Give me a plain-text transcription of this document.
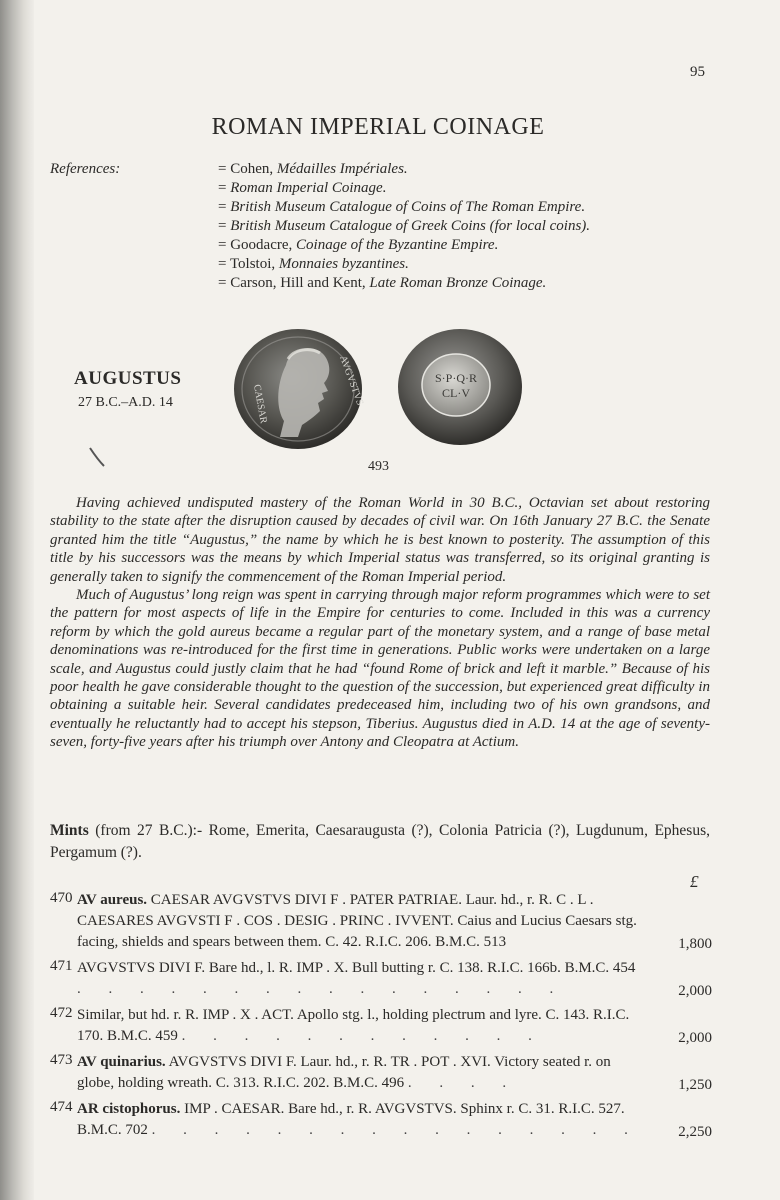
95
ROMAN IMPERIAL COINAGE
References:	= Cohen, Médailles Impériales.
= Roman Imperial Coinage.
= British Museum Catalogue of Coins of The Roman Empire.
= British Museum Catalogue of Greek Coins (for local coins).
= Goodacre, Coinage of the Byzantine Empire.
= Tolstoi, Monnaies byzantines.
= Carson, Hill and Kent, Late Roman Bronze Coinage.
AUGUSTUS
27 B.C.–A.D. 14	CAESAR	AVGVSTVS	S·P·Q·R
CL·V
493

Having achieved undisputed mastery of the Roman World in 30 B.C., Octavian set about restoring stability to the state after the disruption caused by decades of civil war. On 16th January 27 B.C. the Senate granted him the title “Augustus,” the name by which he is best known to posterity. The assumption of this title by his successors was the means by which Imperial status was transferred, so its original granting is generally taken to signify the commencement of the Roman Imperial period.

Much of Augustus’ long reign was spent in carrying through major reform programmes which were to set the pattern for most aspects of life in the Empire for centuries to come. Included in this was a currency reform by which the gold aureus became a regular part of the monetary system, and a range of base metal denominations was re-introduced for the first time in generations. Public works were undertaken on a large scale, and Augustus could justly claim that he had “found Rome of brick and left it marble.” Because of his poor health he gave considerable thought to the question of the succession, but experienced great difficulty in obtaining a suitable heir. Several candidates predeceased him, including two of his own grandsons, and eventually he reluctantly had to accept his stepson, Tiberius. Augustus died in A.D. 14 at the age of seventy-seven, forty-five years after his triumph over Antony and Cleopatra at Actium.

Mints (from 27 B.C.):- Rome, Emerita, Caesaraugusta (?), Colonia Patricia (?), Lugdunum, Ephesus, Pergamum (?).
£
470 AV aureus. CAESAR AVGVSTVS DIVI F . PATER PATRIAE. Laur. hd., r. R. C . L . CAESARES AVGVSTI F . COS . DESIG . PRINC . IVVENT. Caius and Lucius Caesars stg. facing, shields and spears between them. C. 42. R.I.C. 206. B.M.C. 513	1,800
471 AVGVSTVS DIVI F. Bare hd., l. R. IMP . X. Bull butting r. C. 138. R.I.C. 166b. B.M.C. 454 . . . . . . . . . . . . . . . .	2,000
472 Similar, but hd. r. R. IMP . X . ACT. Apollo stg. l., holding plectrum and lyre. C. 143. R.I.C. 170. B.M.C. 459 . . . . . . . . . . . .	2,000
473 AV quinarius. AVGVSTVS DIVI F. Laur. hd., r. R. TR . POT . XVI. Victory seated r. on globe, holding wreath. C. 313. R.I.C. 202. B.M.C. 496 . . . .	1,250
474 AR cistophorus. IMP . CAESAR. Bare hd., r. R. AVGVSTVS. Sphinx r. C. 31. R.I.C. 527. B.M.C. 702 . . . . . . . . . . . . . . . .	2,250
